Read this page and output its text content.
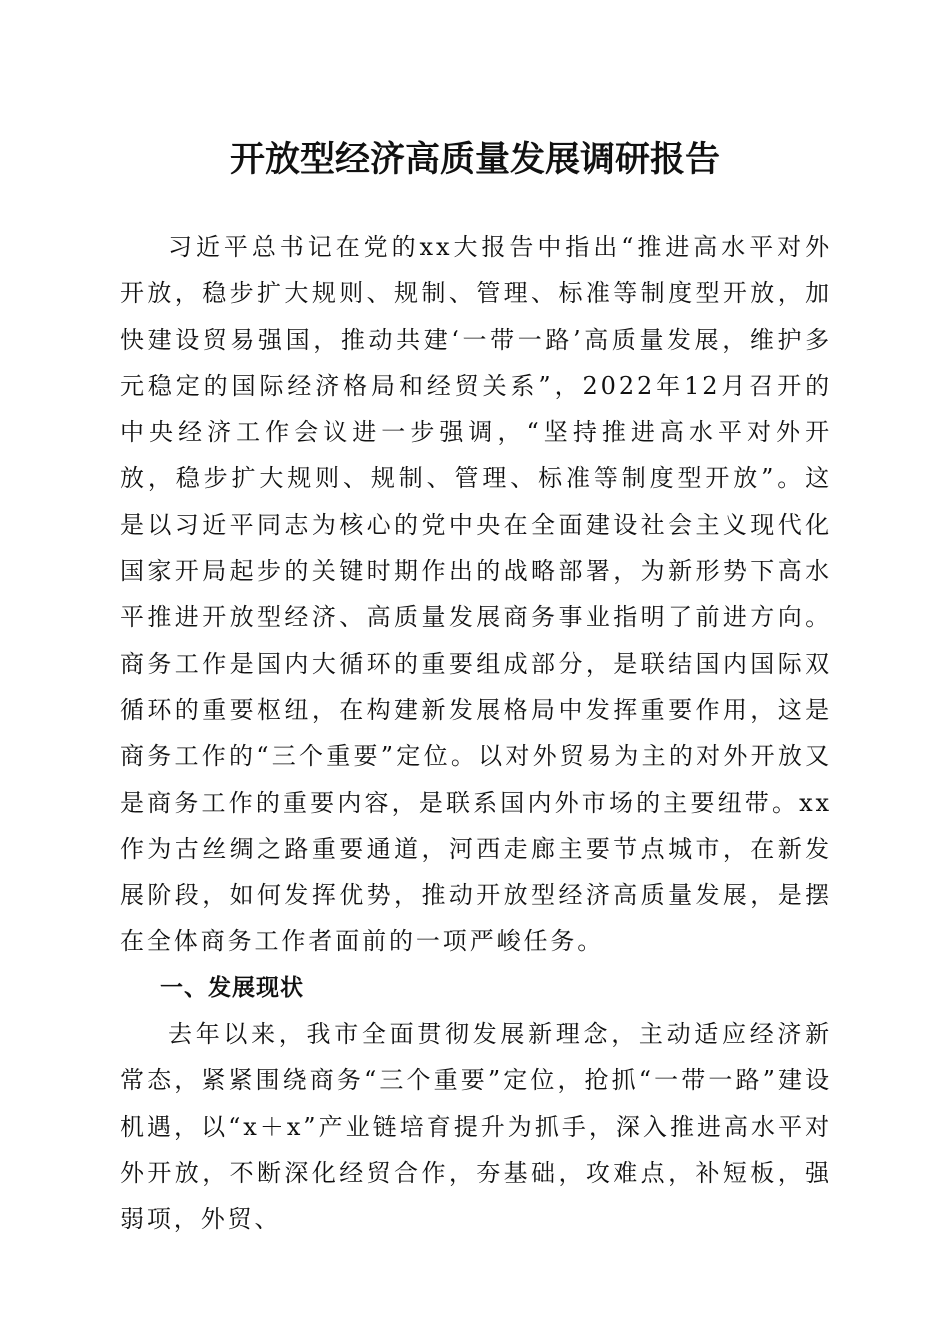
开放型经济高质量发展调研报告

习近平总书记在党的xx大报告中指出“推进高水平对外开放，稳步扩大规则、规制、管理、标准等制度型开放，加快建设贸易强国，推动共建‘一带一路’高质量发展，维护多元稳定的国际经济格局和经贸关系”，2022年12月召开的中央经济工作会议进一步强调，“坚持推进高水平对外开放，稳步扩大规则、规制、管理、标准等制度型开放”。这是以习近平同志为核心的党中央在全面建设社会主义现代化国家开局起步的关键时期作出的战略部署，为新形势下高水平推进开放型经济、高质量发展商务事业指明了前进方向。商务工作是国内大循环的重要组成部分，是联结国内国际双循环的重要枢纽，在构建新发展格局中发挥重要作用，这是商务工作的“三个重要”定位。以对外贸易为主的对外开放又是商务工作的重要内容，是联系国内外市场的主要纽带。xx作为古丝绸之路重要通道，河西走廊主要节点城市，在新发展阶段，如何发挥优势，推动开放型经济高质量发展，是摆在全体商务工作者面前的一项严峻任务。

一、发展现状

去年以来，我市全面贯彻发展新理念，主动适应经济新常态，紧紧围绕商务“三个重要”定位，抢抓“一带一路”建设机遇，以“x＋x”产业链培育提升为抓手，深入推进高水平对外开放，不断深化经贸合作，夯基础，攻难点，补短板，强弱项，外贸、
